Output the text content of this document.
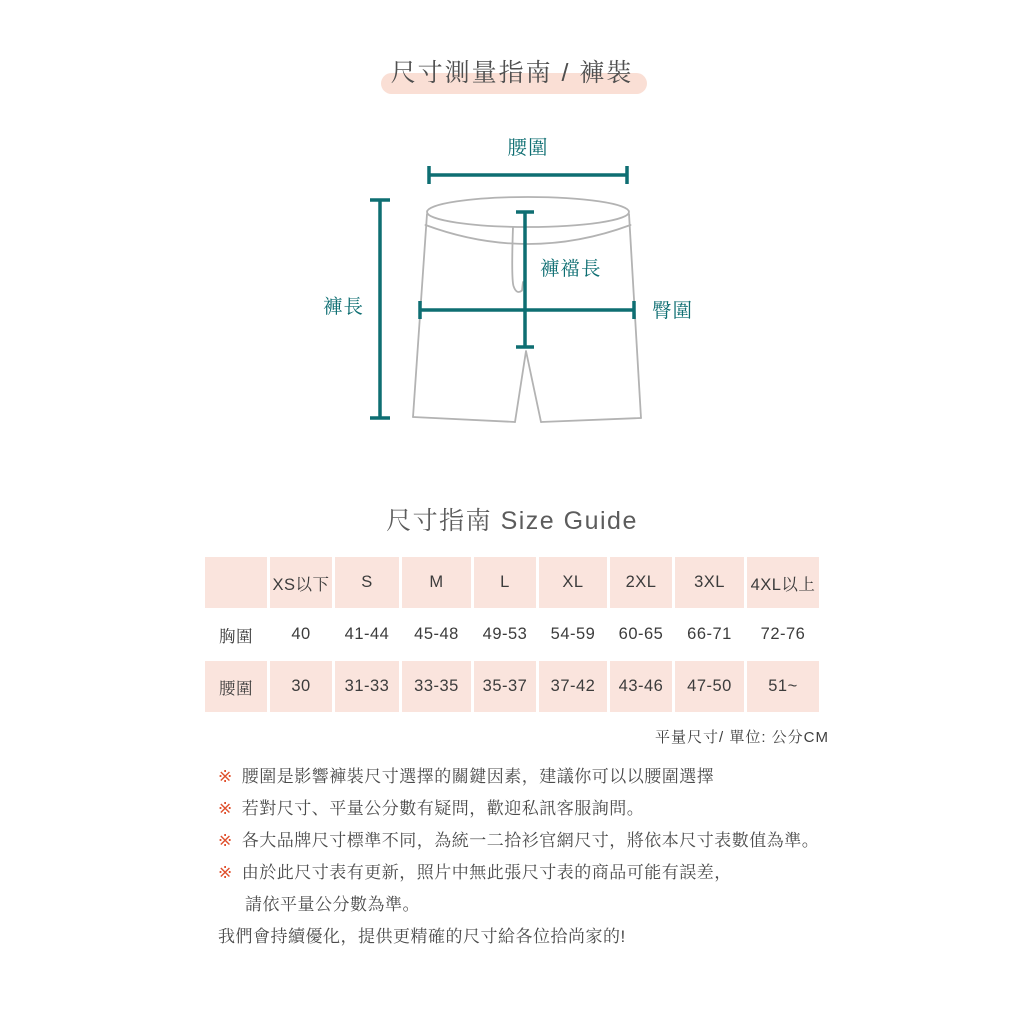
尺寸測量指南 / 褲裝
腰圍
褲長
褲襠長
臀圍
尺寸指南 Size Guide
	XS以下	S	M	L	XL	2XL	3XL	4XL以上
胸圍	40	41-44	45-48	49-53	54-59	60-65	66-71	72-76
腰圍	30	31-33	33-35	35-37	37-42	43-46	47-50	51~
平量尺寸/ 單位: 公分CM
※ 腰圍是影響褲裝尺寸選擇的關鍵因素，建議你可以以腰圍選擇
※ 若對尺寸、平量公分數有疑問，歡迎私訊客服詢問。
※ 各大品牌尺寸標準不同，為統一二拾衫官網尺寸，將依本尺寸表數值為準。
※ 由於此尺寸表有更新，照片中無此張尺寸表的商品可能有誤差，
請依平量公分數為準。
我們會持續優化，提供更精確的尺寸給各位拾尚家的!
